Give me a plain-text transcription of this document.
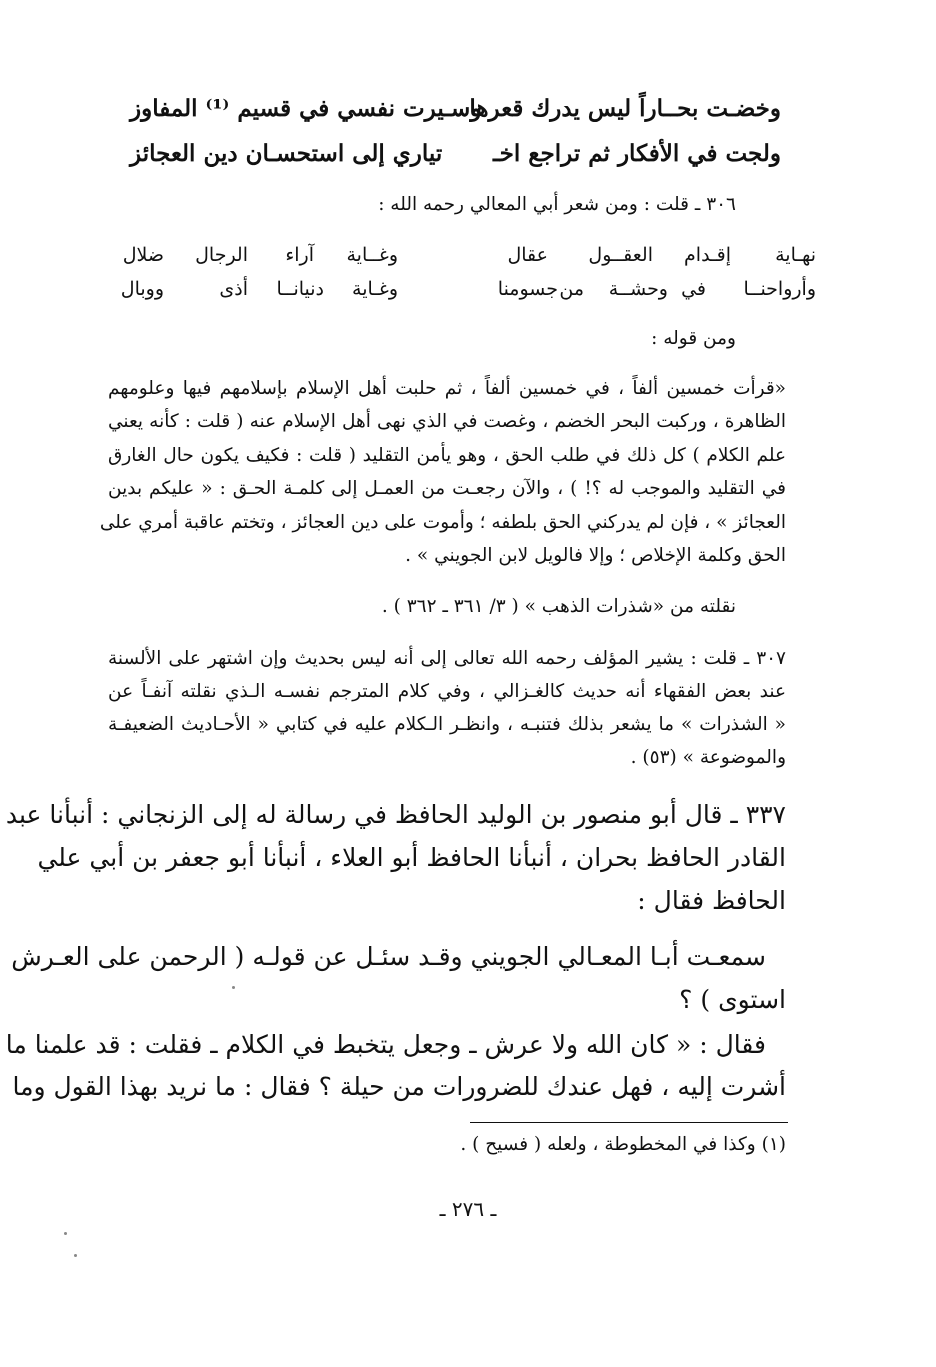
وخضـت بحــاراً ليس يدرك قعرها
وسـيرت نفسي في قسيم ⁽¹⁾ المفاوز
ولجت في الأفكار ثم تراجع اخـ
تياري إلى استحسـان دين العجائز
٣٠٦ ـ قلت : ومن شعر أبي المعالي رحمه الله :
نهـاية
إقـدام
العقــول
عقال
وغــاية
آراء
الرجال
ضلال
وأرواحنــا
في
وحشــة
من
جسومنا
وغـاية
دنيانــا
أذى
ووبال
ومن قوله :
«قرأت خمسين ألفاً ، في خمسين ألفاً ، ثم حلبت أهل الإسلام بإسلامهم فيها وعلومهم
الظاهرة ، وركبت البحر الخضم ، وغصت في الذي نهى أهل الإسلام عنه ( قلت : كأنه يعني
علم الكلام ) كل ذلك في طلب الحق ، وهو يأمن التقليد ( قلت : فكيف يكون حال الغارق
في التقليد والموجب له ؟! ) ، والآن رجعـت من العمـل إلى كلمـة الحـق : « عليكم بدين
العجائز » ، فإن لم يدركني الحق بلطفه ؛ وأموت على دين العجائز ، وتختم عاقبة أمري على
الحق وكلمة الإخلاص ؛ وإلا فالويل لابن الجويني » .
نقلته من «شذرات الذهب » ( ٣/ ٣٦١ ـ ٣٦٢ ) .
٣٠٧ ـ قلت : يشير المؤلف رحمه الله تعالى إلى أنه ليس بحديث وإن اشتهر على الألسنة
عند بعض الفقهاء أنه حديث كالغـزالي ، وفي كلام المترجم نفسـه الـذي نقلته آنفـاً عن
« الشذرات » ما يشعر بذلك فتنبـه ، وانظـر الـكلام عليه في كتابي « الأحـاديث الضعيفـة
والموضوعة » (٥٣) .
٣٣٧ ـ قال أبو منصور بن الوليد الحافظ في رسالة له إلى الزنجاني : أنبأنا عبد
القادر الحافظ بحران ، أنبأنا الحافظ أبو العلاء ، أنبأنا أبو جعفر بن أبي علي
الحافظ فقال :
سمعـت أبـا المعـالي الجويني وقـد سئـل عن قولـه ( الرحمن على العـرش
استوى ) ؟
فقال : « كان الله ولا عرش ـ وجعل يتخبط في الكلام ـ فقلت : قد علمنا ما
أشرت إليه ، فهل عندك للضرورات من حيلة ؟ فقال : ما نريد بهذا القول وما
(١) وكذا في المخطوطة ، ولعله ( فسيح ) .
ـ ٢٧٦ ـ
